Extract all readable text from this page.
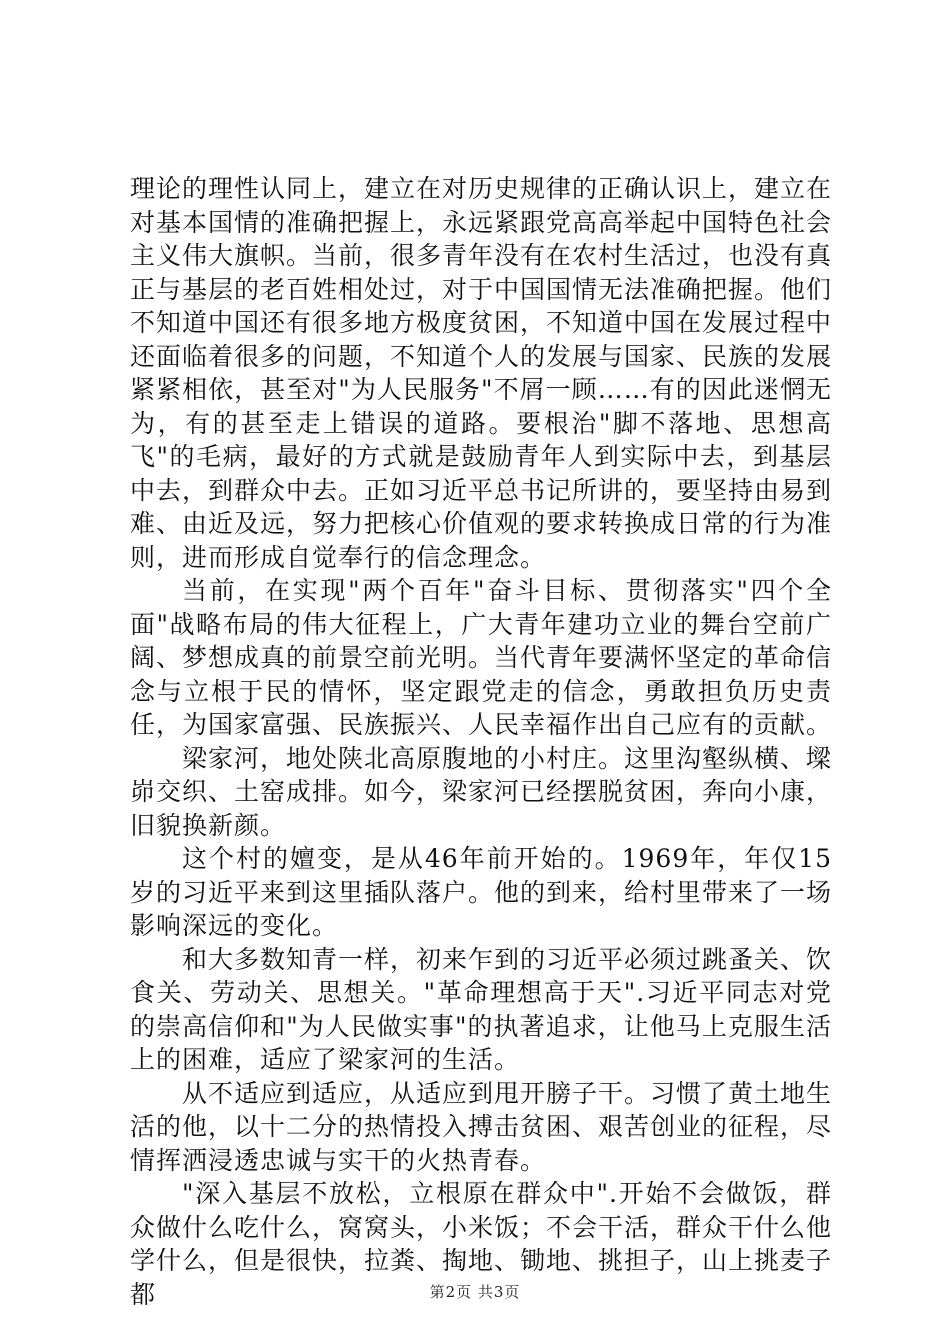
理论的理性认同上，建立在对历史规律的正确认识上，建立在对基本国情的准确把握上，永远紧跟党高高举起中国特色社会主义伟大旗帜。当前，很多青年没有在农村生活过，也没有真正与基层的老百姓相处过，对于中国国情无法准确把握。他们不知道中国还有很多地方极度贫困，不知道中国在发展过程中还面临着很多的问题，不知道个人的发展与国家、民族的发展紧紧相依，甚至对"为人民服务"不屑一顾……有的因此迷惘无为，有的甚至走上错误的道路。要根治"脚不落地、思想高飞"的毛病，最好的方式就是鼓励青年人到实际中去，到基层中去，到群众中去。正如习近平总书记所讲的，要坚持由易到难、由近及远，努力把核心价值观的要求转换成日常的行为准则，进而形成自觉奉行的信念理念。

当前，在实现"两个百年"奋斗目标、贯彻落实"四个全面"战略布局的伟大征程上，广大青年建功立业的舞台空前广阔、梦想成真的前景空前光明。当代青年要满怀坚定的革命信念与立根于民的情怀，坚定跟党走的信念，勇敢担负历史责任，为国家富强、民族振兴、人民幸福作出自己应有的贡献。

梁家河，地处陕北高原腹地的小村庄。这里沟壑纵横、墚峁交织、土窑成排。如今，梁家河已经摆脱贫困，奔向小康，旧貌换新颜。

这个村的嬗变，是从46年前开始的。1969年，年仅15岁的习近平来到这里插队落户。他的到来，给村里带来了一场影响深远的变化。

和大多数知青一样，初来乍到的习近平必须过跳蚤关、饮食关、劳动关、思想关。"革命理想高于天".习近平同志对党的崇高信仰和"为人民做实事"的执著追求，让他马上克服生活上的困难，适应了梁家河的生活。

从不适应到适应，从适应到甩开膀子干。习惯了黄土地生活的他，以十二分的热情投入搏击贫困、艰苦创业的征程，尽情挥洒浸透忠诚与实干的火热青春。

"深入基层不放松，立根原在群众中".开始不会做饭，群众做什么吃什么，窝窝头，小米饭；不会干活，群众干什么他学什么，但是很快，拉粪、掏地、锄地、挑担子，山上挑麦子都	第2页 共3页
